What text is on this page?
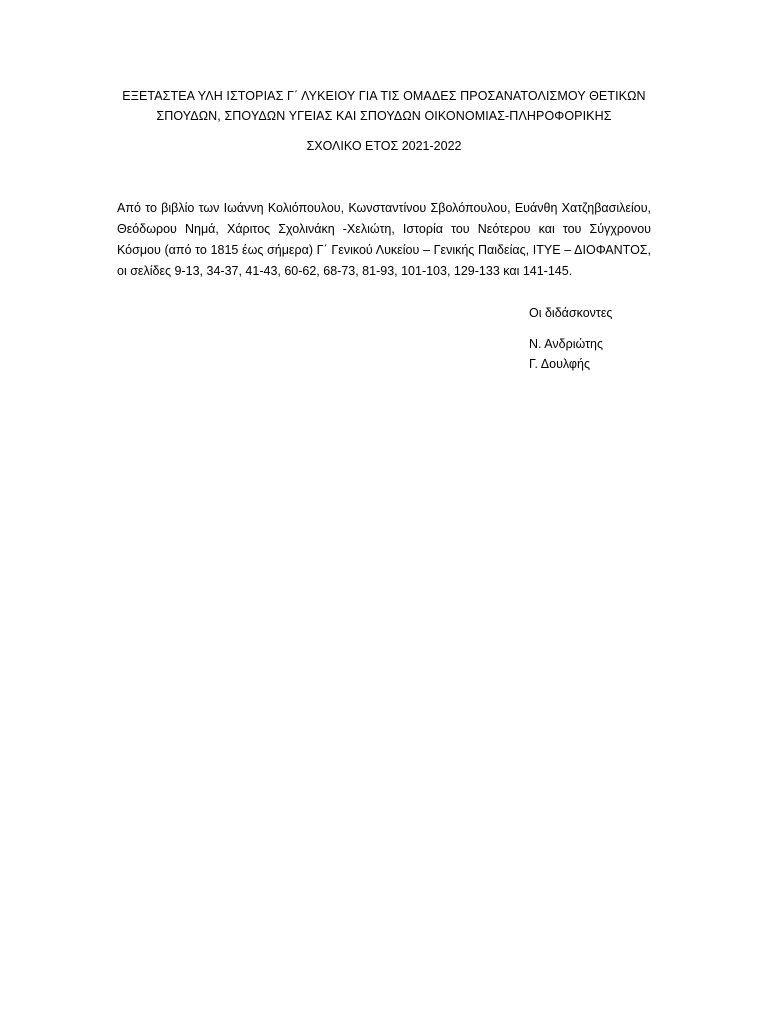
ΕΞΕΤΑΣΤΕΑ ΥΛΗ ΙΣΤΟΡΙΑΣ Γ΄ ΛΥΚΕΙΟΥ ΓΙΑ ΤΙΣ ΟΜΑΔΕΣ ΠΡΟΣΑΝΑΤΟΛΙΣΜΟΥ ΘΕΤΙΚΩΝ
ΣΠΟΥΔΩΝ, ΣΠΟΥΔΩΝ ΥΓΕΙΑΣ ΚΑΙ ΣΠΟΥΔΩΝ ΟΙΚΟΝΟΜΙΑΣ-ΠΛΗΡΟΦΟΡΙΚΗΣ
ΣΧΟΛΙΚΟ ΕΤΟΣ 2021-2022

Από το βιβλίο των Ιωάννη Κολιόπουλου, Κωνσταντίνου Σβολόπουλου, Ευάνθη Χατζηβασιλείου, Θεόδωρου Νημά, Χάριτος Σχολινάκη -Χελιώτη, Ιστορία του Νεότερου και του Σύγχρονου Κόσμου (από το 1815 έως σήμερα) Γ΄ Γενικού Λυκείου – Γενικής Παιδείας, ΙΤΥΕ – ΔΙΟΦΑΝΤΟΣ, οι σελίδες 9-13, 34-37, 41-43, 60-62, 68-73, 81-93, 101-103, 129-133 και 141-145.

Οι διδάσκοντες
Ν. Ανδριώτης
Γ. Δουλφής
